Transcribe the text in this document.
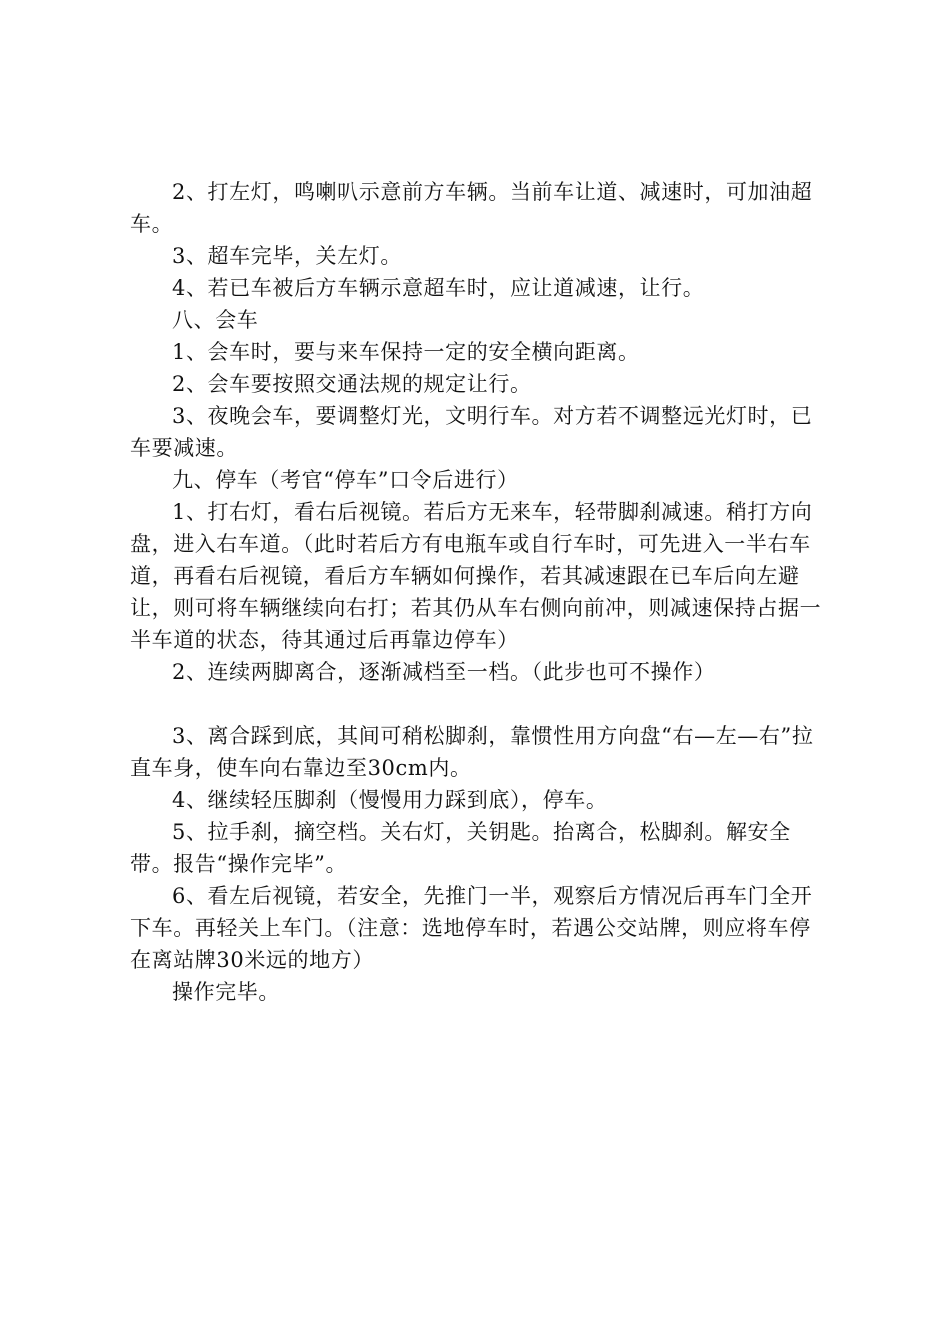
2、打左灯，鸣喇叭示意前方车辆。当前车让道、减速时，可加油超车。

3、超车完毕，关左灯。

4、若已车被后方车辆示意超车时，应让道减速，让行。

八、会车

1、会车时，要与来车保持一定的安全横向距离。

2、会车要按照交通法规的规定让行。

3、夜晚会车，要调整灯光，文明行车。对方若不调整远光灯时，已车要减速。

九、停车（考官“停车”口令后进行）

1、打右灯，看右后视镜。若后方无来车，轻带脚刹减速。稍打方向盘，进入右车道。（此时若后方有电瓶车或自行车时，可先进入一半右车道，再看右后视镜，看后方车辆如何操作，若其减速跟在已车后向左避让，则可将车辆继续向右打；若其仍从车右侧向前冲，则减速保持占据一半车道的状态，待其通过后再靠边停车）

2、连续两脚离合，逐渐减档至一档。（此步也可不操作）

3、离合踩到底，其间可稍松脚刹，靠惯性用方向盘“右—左—右”拉直车身，使车向右靠边至30cm内。

4、继续轻压脚刹（慢慢用力踩到底），停车。

5、拉手刹，摘空档。关右灯，关钥匙。抬离合，松脚刹。解安全带。报告“操作完毕”。

6、看左后视镜，若安全，先推门一半，观察后方情况后再车门全开下车。再轻关上车门。（注意：选地停车时，若遇公交站牌，则应将车停在离站牌30米远的地方）

操作完毕。
